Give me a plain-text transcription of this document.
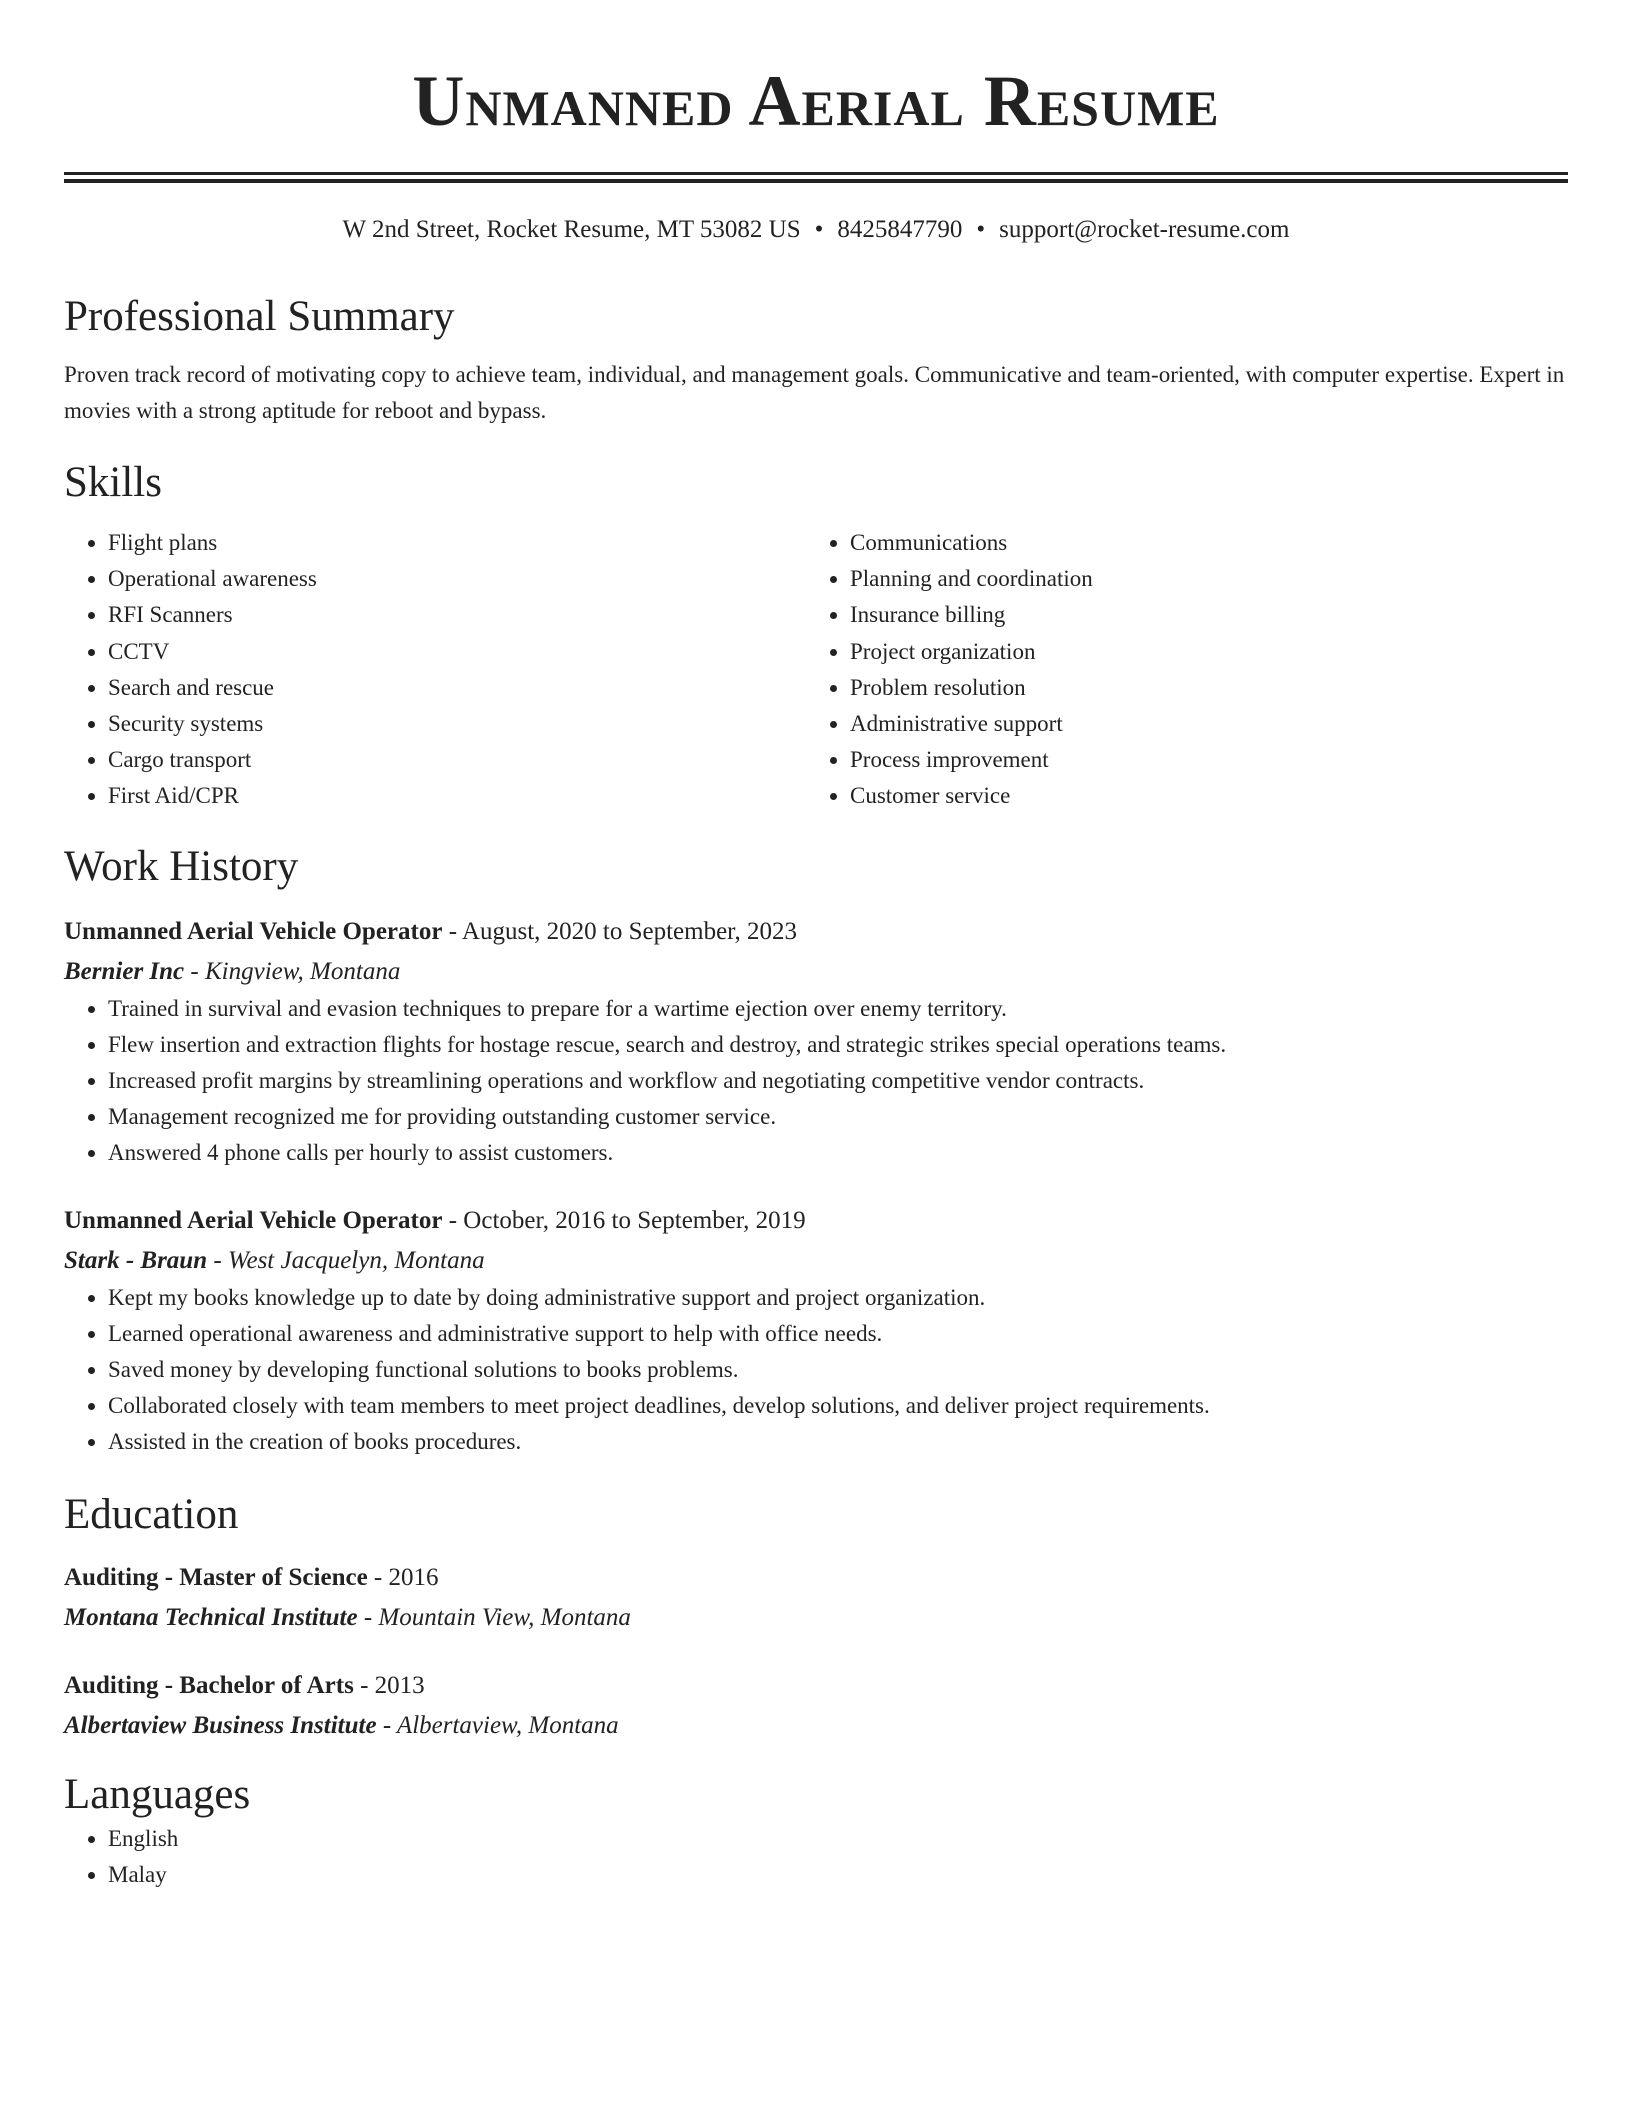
Unmanned Aerial Resume
W 2nd Street, Rocket Resume, MT 53082 US • 8425847790 • support@rocket-resume.com
Professional Summary

Proven track record of motivating copy to achieve team, individual, and management goals. Communicative and team-oriented, with computer expertise. Expert in movies with a strong aptitude for reboot and bypass.

Skills
• Flight plans
• Operational awareness
• RFI Scanners
• CCTV
• Search and rescue
• Security systems
• Cargo transport
• First Aid/CPR
• Communications
• Planning and coordination
• Insurance billing
• Project organization
• Problem resolution
• Administrative support
• Process improvement
• Customer service
Work History
Unmanned Aerial Vehicle Operator - August, 2020 to September, 2023
Bernier Inc - Kingview, Montana
• Trained in survival and evasion techniques to prepare for a wartime ejection over enemy territory.
• Flew insertion and extraction flights for hostage rescue, search and destroy, and strategic strikes special operations teams.
• Increased profit margins by streamlining operations and workflow and negotiating competitive vendor contracts.
• Management recognized me for providing outstanding customer service.
• Answered 4 phone calls per hourly to assist customers.
Unmanned Aerial Vehicle Operator - October, 2016 to September, 2019
Stark - Braun - West Jacquelyn, Montana
• Kept my books knowledge up to date by doing administrative support and project organization.
• Learned operational awareness and administrative support to help with office needs.
• Saved money by developing functional solutions to books problems.
• Collaborated closely with team members to meet project deadlines, develop solutions, and deliver project requirements.
• Assisted in the creation of books procedures.
Education
Auditing - Master of Science - 2016
Montana Technical Institute - Mountain View, Montana
Auditing - Bachelor of Arts - 2013
Albertaview Business Institute - Albertaview, Montana
Languages
• English
• Malay
